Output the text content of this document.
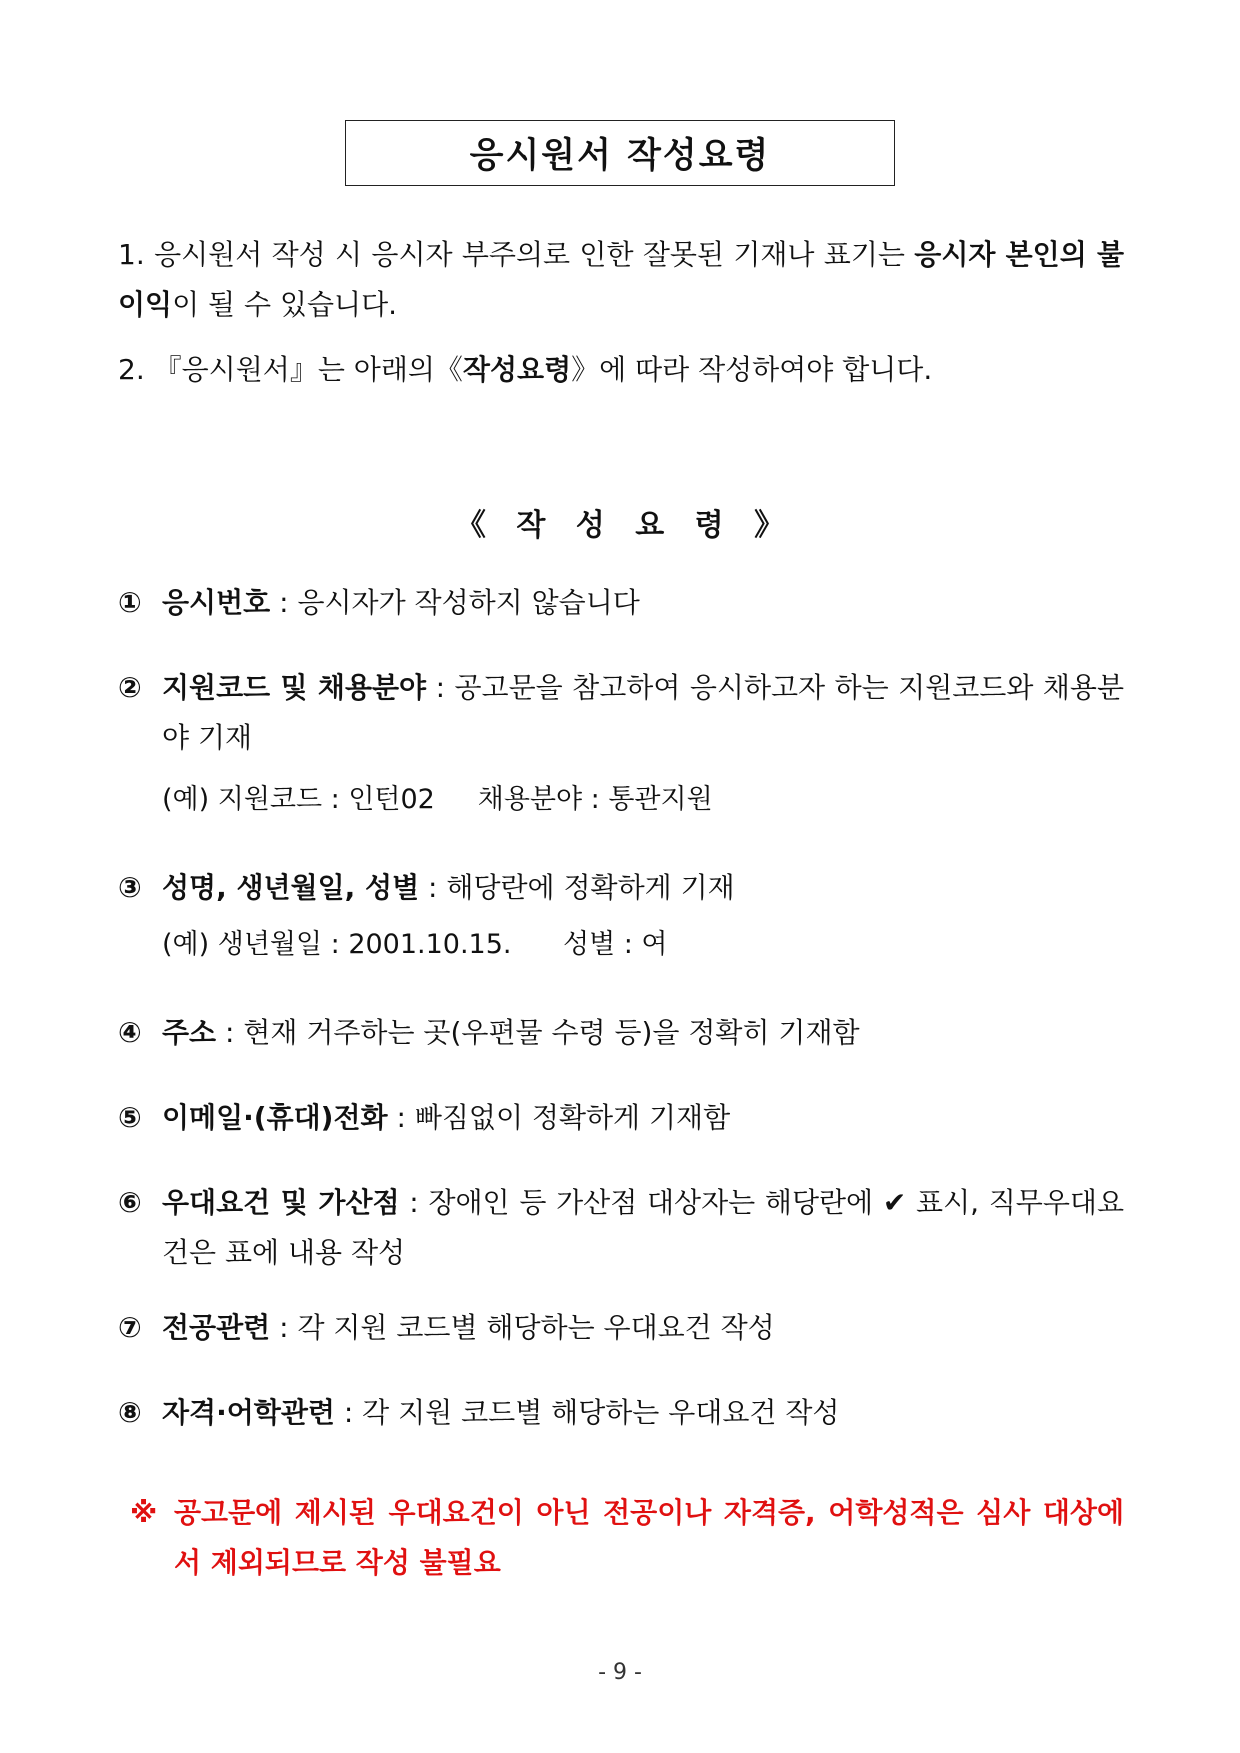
응시원서 작성요령
1. 응시원서 작성 시 응시자 부주의로 인한 잘못된 기재나 표기는 응시자 본인의 불이익이 될 수 있습니다.
2. 『응시원서』는 아래의《작성요령》에 따라 작성하여야 합니다.
《 작 성 요 령 》
① 응시번호 : 응시자가 작성하지 않습니다
② 지원코드 및 채용분야 : 공고문을 참고하여 응시하고자 하는 지원코드와 채용분야 기재
(예) 지원코드 : 인턴02     채용분야 : 통관지원
③ 성명, 생년월일, 성별 : 해당란에 정확하게 기재
(예) 생년월일 : 2001.10.15.      성별 : 여
④ 주소 : 현재 거주하는 곳(우편물 수령 등)을 정확히 기재함
⑤ 이메일·(휴대)전화 : 빠짐없이 정확하게 기재함
⑥ 우대요건 및 가산점 : 장애인 등 가산점 대상자는 해당란에 ✔ 표시, 직무우대요건은 표에 내용 작성
⑦ 전공관련 : 각 지원 코드별 해당하는 우대요건 작성
⑧ 자격·어학관련 : 각 지원 코드별 해당하는 우대요건 작성
※ 공고문에 제시된 우대요건이 아닌 전공이나 자격증, 어학성적은 심사 대상에서 제외되므로 작성 불필요
- 9 -
